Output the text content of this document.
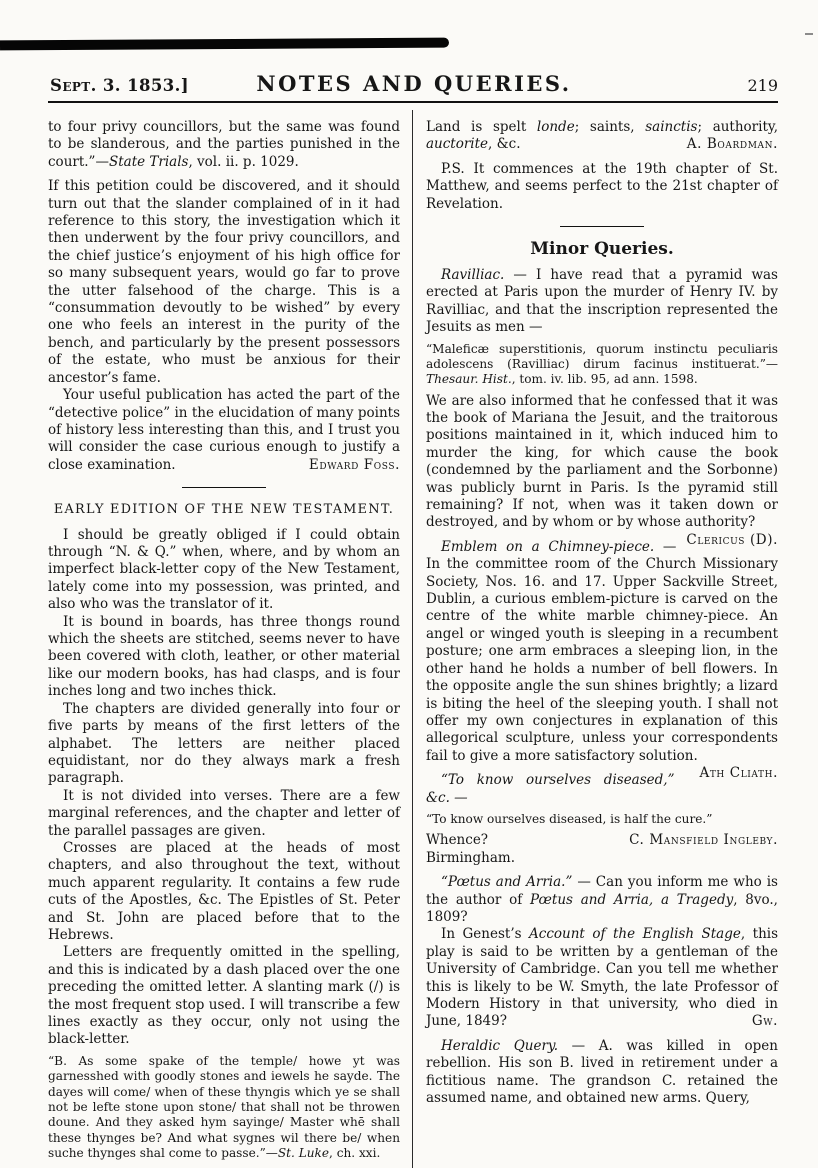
Sept. 3. 1853.]	NOTES AND QUERIES.	219

to four privy councillors, but the same was found to be slanderous, and the parties punished in the court.”—State Trials, vol. ii. p. 1029.

If this petition could be discovered, and it should turn out that the slander complained of in it had reference to this story, the investigation which it then underwent by the four privy councillors, and the chief justice’s enjoyment of his high office for so many subsequent years, would go far to prove the utter falsehood of the charge. This is a “consummation devoutly to be wished” by every one who feels an interest in the purity of the bench, and particularly by the present possessors of the estate, who must be anxious for their ancestor’s fame.

Your useful publication has acted the part of the “detective police” in the elucidation of many points of history less interesting than this, and I trust you will consider the case curious enough to justify a close examination.	Edward Foss.

EARLY EDITION OF THE NEW TESTAMENT.

I should be greatly obliged if I could obtain through “N. & Q.” when, where, and by whom an imperfect black-letter copy of the New Testament, lately come into my possession, was printed, and also who was the translator of it.

It is bound in boards, has three thongs round which the sheets are stitched, seems never to have been covered with cloth, leather, or other material like our modern books, has had clasps, and is four inches long and two inches thick.

The chapters are divided generally into four or five parts by means of the first letters of the alphabet. The letters are neither placed equidistant, nor do they always mark a fresh paragraph.

It is not divided into verses. There are a few marginal references, and the chapter and letter of the parallel passages are given.

Crosses are placed at the heads of most chapters, and also throughout the text, without much apparent regularity. It contains a few rude cuts of the Apostles, &c. The Epistles of St. Peter and St. John are placed before that to the Hebrews.

Letters are frequently omitted in the spelling, and this is indicated by a dash placed over the one preceding the omitted letter. A slanting mark (/) is the most frequent stop used. I will transcribe a few lines exactly as they occur, only not using the black-letter.

“B. As some spake of the temple/ howe yt was garnesshed with goodly stones and iewels he sayde. The dayes will come/ when of these thyngis which ye se shall not be lefte stone upon stone/ that shall not be throwen doune. And they asked hym sayinge/ Master whē shall these thynges be? And what sygnes wil there be/ when suche thynges shal come to passe.”—St. Luke, ch. xxi.

Land is spelt londe; saints, sainctis; authority, auctorite, &c.	A. Boardman.

P.S. It commences at the 19th chapter of St. Matthew, and seems perfect to the 21st chapter of Revelation.

Minor Queries.

Ravilliac. — I have read that a pyramid was erected at Paris upon the murder of Henry IV. by Ravilliac, and that the inscription represented the Jesuits as men —

“Maleficæ superstitionis, quorum instinctu peculiaris adolescens (Ravilliac) dirum facinus instituerat.”—Thesaur. Hist., tom. iv. lib. 95, ad ann. 1598.

We are also informed that he confessed that it was the book of Mariana the Jesuit, and the traitorous positions maintained in it, which induced him to murder the king, for which cause the book (condemned by the parliament and the Sorbonne) was publicly burnt in Paris. Is the pyramid still remaining? If not, when was it taken down or destroyed, and by whom or by whose authority?
Clericus (D).

Emblem on a Chimney-piece. — In the committee room of the Church Missionary Society, Nos. 16. and 17. Upper Sackville Street, Dublin, a curious emblem-picture is carved on the centre of the white marble chimney-piece. An angel or winged youth is sleeping in a recumbent posture; one arm embraces a sleeping lion, in the other hand he holds a number of bell flowers. In the opposite angle the sun shines brightly; a lizard is biting the heel of the sleeping youth. I shall not offer my own conjectures in explanation of this allegorical sculpture, unless your correspondents fail to give a more satisfactory solution.
Ath Cliath.

“To know ourselves diseased,” &c. —

“To know ourselves diseased, is half the cure.”

Whence?	C. Mansfield Ingleby.

Birmingham.

“Pœtus and Arria.” — Can you inform me who is the author of Pœtus and Arria, a Tragedy, 8vo., 1809?

In Genest’s Account of the English Stage, this play is said to be written by a gentleman of the University of Cambridge. Can you tell me whether this is likely to be W. Smyth, the late Professor of Modern History in that university, who died in June, 1849?	Gw.

Heraldic Query. — A. was killed in open rebellion. His son B. lived in retirement under a fictitious name. The grandson C. retained the assumed name, and obtained new arms. Query,
